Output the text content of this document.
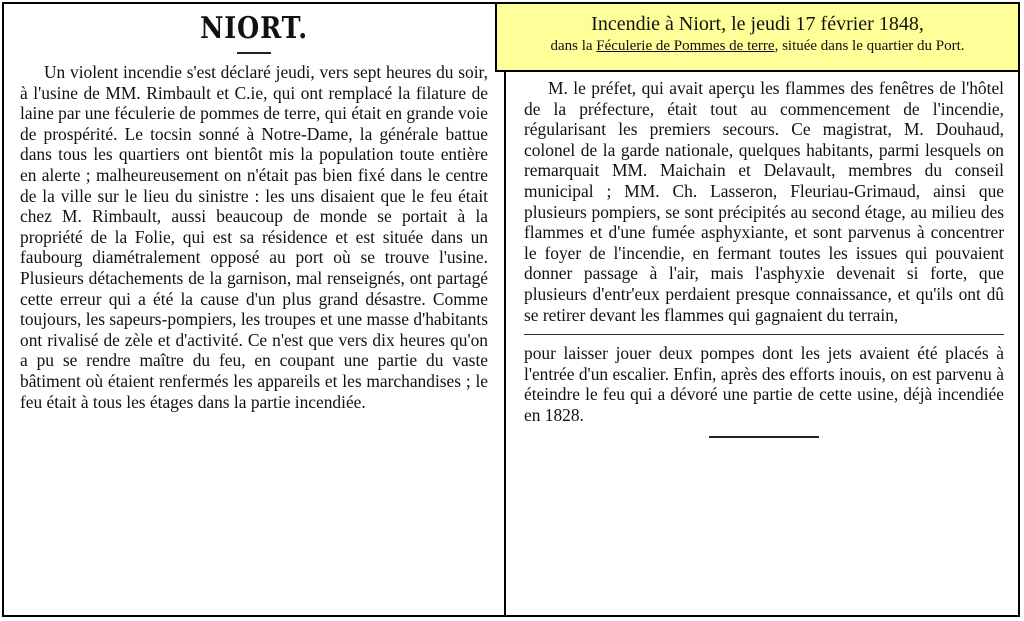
NIORT.

Un violent incendie s'est déclaré jeudi, vers sept heures du soir, à l'usine de MM. Rimbault et C.ie, qui ont remplacé la filature de laine par une féculerie de pommes de terre, qui était en grande voie de prospérité. Le tocsin sonné à Notre-Dame, la générale battue dans tous les quartiers ont bientôt mis la population toute entière en alerte ; malheureusement on n'était pas bien fixé dans le centre de la ville sur le lieu du sinistre : les uns disaient que le feu était chez M. Rimbault, aussi beaucoup de monde se portait à la propriété de la Folie, qui est sa résidence et est située dans un faubourg diamétralement opposé au port où se trouve l'usine. Plusieurs détachements de la garnison, mal renseignés, ont partagé cette erreur qui a été la cause d'un plus grand désastre. Comme toujours, les sapeurs-pompiers, les troupes et une masse d'habitants ont rivalisé de zèle et d'activité. Ce n'est que vers dix heures qu'on a pu se rendre maître du feu, en coupant une partie du vaste bâtiment où étaient renfermés les appareils et les marchandises ; le feu était à tous les étages dans la partie incendiée.

M. le préfet, qui avait aperçu les flammes des fenêtres de l'hôtel de la préfecture, était tout au commencement de l'incendie, régularisant les premiers secours. Ce magistrat, M. Douhaud, colonel de la garde nationale, quelques habitants, parmi lesquels on remarquait MM. Maichain et Delavault, membres du conseil municipal ; MM. Ch. Lasseron, Fleuriau-Grimaud, ainsi que plusieurs pompiers, se sont précipités au second étage, au milieu des flammes et d'une fumée asphyxiante, et sont parvenus à concentrer le foyer de l'incendie, en fermant toutes les issues qui pouvaient donner passage à l'air, mais l'asphyxie devenait si forte, que plusieurs d'entr'eux perdaient presque connaissance, et qu'ils ont dû se retirer devant les flammes qui gagnaient du terrain,

pour laisser jouer deux pompes dont les jets avaient été placés à l'entrée d'un escalier. Enfin, après des efforts inouis, on est parvenu à éteindre le feu qui a dévoré une partie de cette usine, déjà incendiée en 1828.

Incendie à Niort, le jeudi 17 février 1848,
dans la Féculerie de Pommes de terre, située dans le quartier du Port.
